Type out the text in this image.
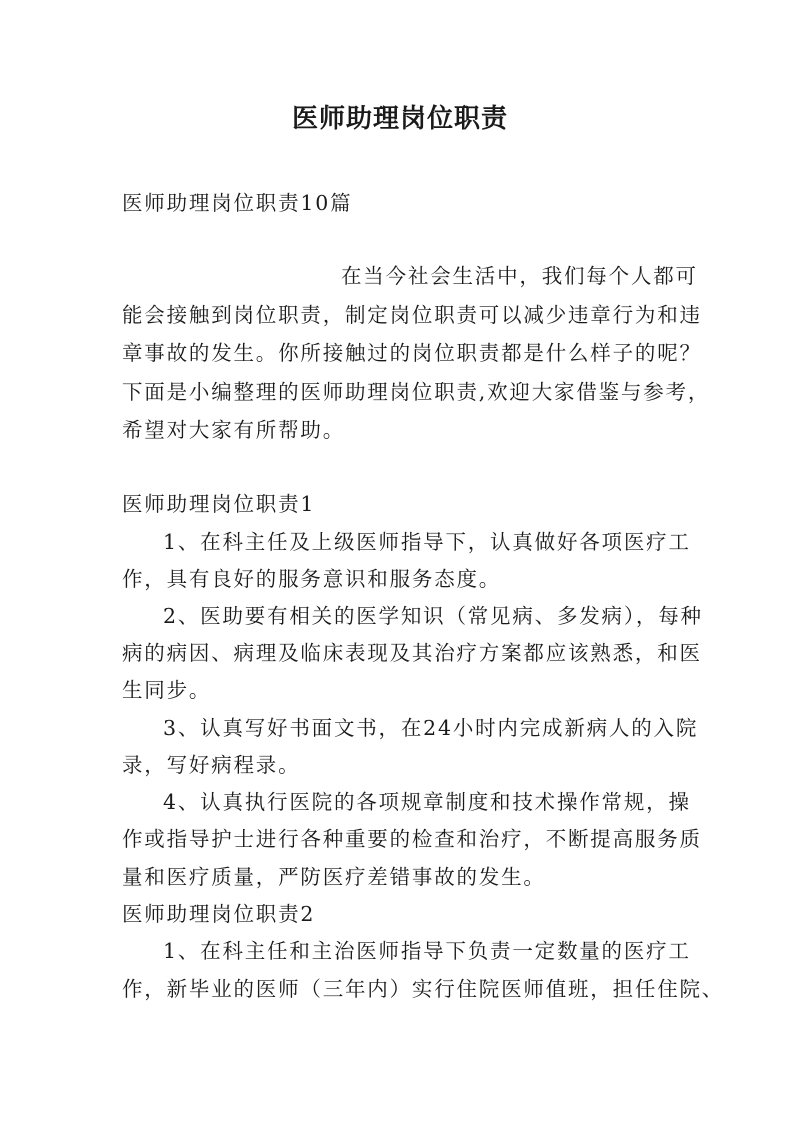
医师助理岗位职责
医师助理岗位职责10篇
在当今社会生活中，我们每个人都可
能会接触到岗位职责，制定岗位职责可以减少违章行为和违
章事故的发生。你所接触过的岗位职责都是什么样子的呢？
下面是小编整理的医师助理岗位职责,欢迎大家借鉴与参考，
希望对大家有所帮助。
医师助理岗位职责1
1、在科主任及上级医师指导下，认真做好各项医疗工
作，具有良好的服务意识和服务态度。
2、医助要有相关的医学知识（常见病、多发病），每种
病的病因、病理及临床表现及其治疗方案都应该熟悉，和医
生同步。
3、认真写好书面文书，在24小时内完成新病人的入院
录，写好病程录。
4、认真执行医院的各项规章制度和技术操作常规，操
作或指导护士进行各种重要的检查和治疗，不断提高服务质
量和医疗质量，严防医疗差错事故的发生。
医师助理岗位职责2
1、在科主任和主治医师指导下负责一定数量的医疗工
作，新毕业的医师（三年内）实行住院医师值班，担任住院、
